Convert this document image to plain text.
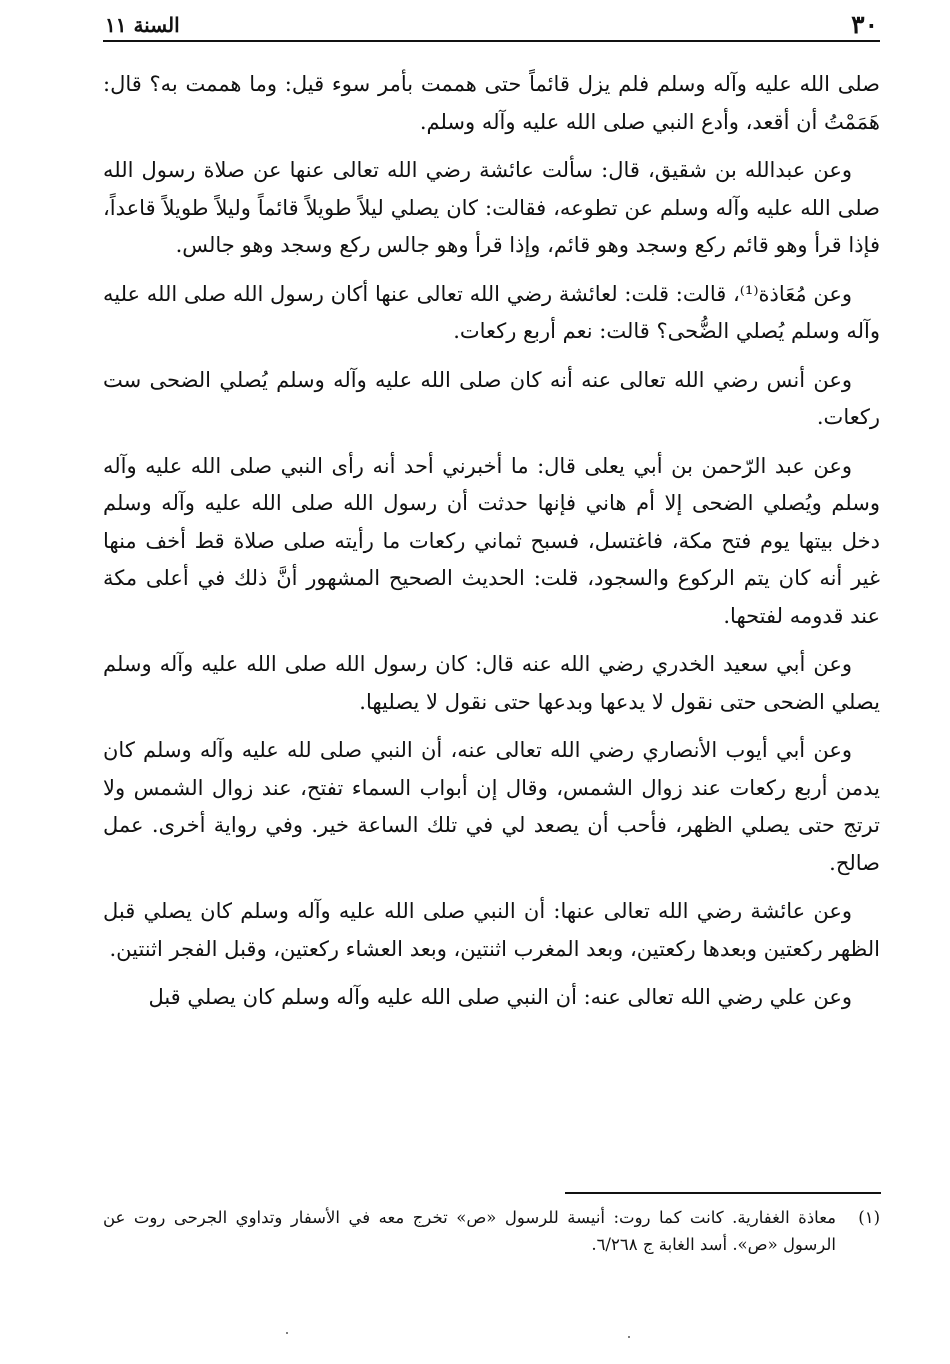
٣٠
السنة ١١

صلى الله عليه وآله وسلم فلم يزل قائماً حتى هممت بأمر سوء قيل: وما هممت به؟ قال: هَمَمْتُ أن أقعد، وأدع النبي صلى الله عليه وآله وسلم.

وعن عبدالله بن شقيق، قال: سألت عائشة رضي الله تعالى عنها عن صلاة رسول الله صلى الله عليه وآله وسلم عن تطوعه، فقالت: كان يصلي ليلاً طويلاً قائماً وليلاً طويلاً قاعداً، فإذا قرأ وهو قائم ركع وسجد وهو قائم، وإذا قرأ وهو جالس ركع وسجد وهو جالس.

وعن مُعَاذة⁽¹⁾، قالت: قلت: لعائشة رضي الله تعالى عنها أكان رسول الله صلى الله عليه وآله وسلم يُصلي الضُّحى؟ قالت: نعم أربع ركعات.

وعن أنس رضي الله تعالى عنه أنه كان صلى الله عليه وآله وسلم يُصلي الضحى ست ركعات.

وعن عبد الرّحمن بن أبي يعلى قال: ما أخبرني أحد أنه رأى النبي صلى الله عليه وآله وسلم ويُصلي الضحى إلا أم هاني فإنها حدثت أن رسول الله صلى الله عليه وآله وسلم دخل بيتها يوم فتح مكة، فاغتسل، فسبح ثماني ركعات ما رأيته صلى صلاة قط أخف منها غير أنه كان يتم الركوع والسجود، قلت: الحديث الصحيح المشهور أنَّ ذلك في أعلى مكة عند قدومه لفتحها.

وعن أبي سعيد الخدري رضي الله عنه قال: كان رسول الله صلى الله عليه وآله وسلم يصلي الضحى حتى نقول لا يدعها وبدعها حتى نقول لا يصليها.

وعن أبي أيوب الأنصاري رضي الله تعالى عنه، أن النبي صلى لله عليه وآله وسلم كان يدمن أربع ركعات عند زوال الشمس، وقال إن أبواب السماء تفتح، عند زوال الشمس ولا ترتج حتى يصلي الظهر، فأحب أن يصعد لي في تلك الساعة خير. وفي رواية أخرى. عمل صالح.

وعن عائشة رضي الله تعالى عنها: أن النبي صلى الله عليه وآله وسلم كان يصلي قبل الظهر ركعتين وبعدها ركعتين، وبعد المغرب اثنتين، وبعد العشاء ركعتين، وقبل الفجر اثنتين.

وعن علي رضي الله تعالى عنه: أن النبي صلى الله عليه وآله وسلم كان يصلي قبل

(١)
معاذة الغفارية. كانت كما روت: أنيسة للرسول «ص» تخرج معه في الأسفار وتداوي الجرحى روت عن الرسول «ص». أسد الغابة ج ٦/٢٦٨.
